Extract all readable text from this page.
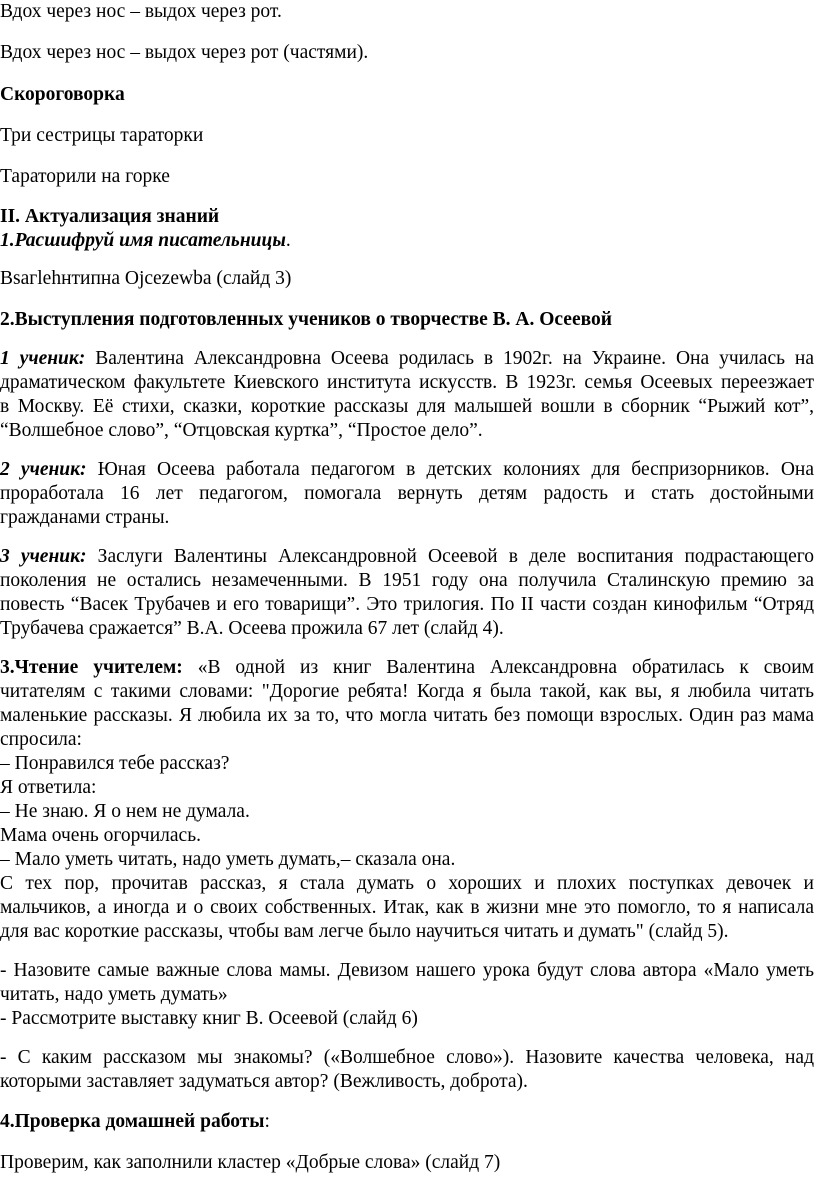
Вдох через нос – выдох через рот.
Вдох через нос – выдох через рот (частями).
Скороговорка
Три сестрицы тараторки
Тараторили на горке
II. Актуализация знаний
1.Расшифруй имя писательницы.
Bsaгlehнтипна Ojcezewba (слайд 3)
2.Выступления подготовленных учеников о творчестве В. А. Осеевой
1 ученик: Валентина Александровна Осеева родилась в 1902г. на Украине. Она училась на
драматическом факультете Киевского института искусств. В 1923г. семья Осеевых переезжает
в Москву. Её стихи, сказки, короткие рассказы для малышей вошли в сборник “Рыжий кот”,
“Волшебное слово”, “Отцовская куртка”, “Простое дело”.
2 ученик: Юная Осеева работала педагогом в детских колониях для беспризорников. Она
проработала 16 лет педагогом, помогала вернуть детям радость и стать достойными
гражданами страны.
3 ученик: Заслуги Валентины Александровной Осеевой в деле воспитания подрастающего
поколения не остались незамеченными. В 1951 году она получила Сталинскую премию за
повесть “Васек Трубачев и его товарищи”. Это трилогия. По II части создан кинофильм “Отряд
Трубачева сражается” В.А. Осеева прожила 67 лет (слайд 4).
3.Чтение учителем: «В одной из книг Валентина Александровна обратилась к своим
читателям с такими словами: "Дорогие ребята! Когда я была такой, как вы, я любила читать
маленькие рассказы. Я любила их за то, что могла читать без помощи взрослых. Один раз мама
спросила:
– Понравился тебе рассказ?
Я ответила:
– Не знаю. Я о нем не думала.
Мама очень огорчилась.
– Мало уметь читать, надо уметь думать,– сказала она.
С тех пор, прочитав рассказ, я стала думать о хороших и плохих поступках девочек и
мальчиков, а иногда и о своих собственных. Итак, как в жизни мне это помогло, то я написала
для вас короткие рассказы, чтобы вам легче было научиться читать и думать" (слайд 5).
- Назовите самые важные слова мамы. Девизом нашего урока будут слова автора «Мало уметь
читать, надо уметь думать»
- Рассмотрите выставку книг В. Осеевой (слайд 6)
- С каким рассказом мы знакомы? («Волшебное слово»). Назовите качества человека, над
которыми заставляет задуматься автор? (Вежливость, доброта).
4.Проверка домашней работы:
Проверим, как заполнили кластер «Добрые слова» (слайд 7)
